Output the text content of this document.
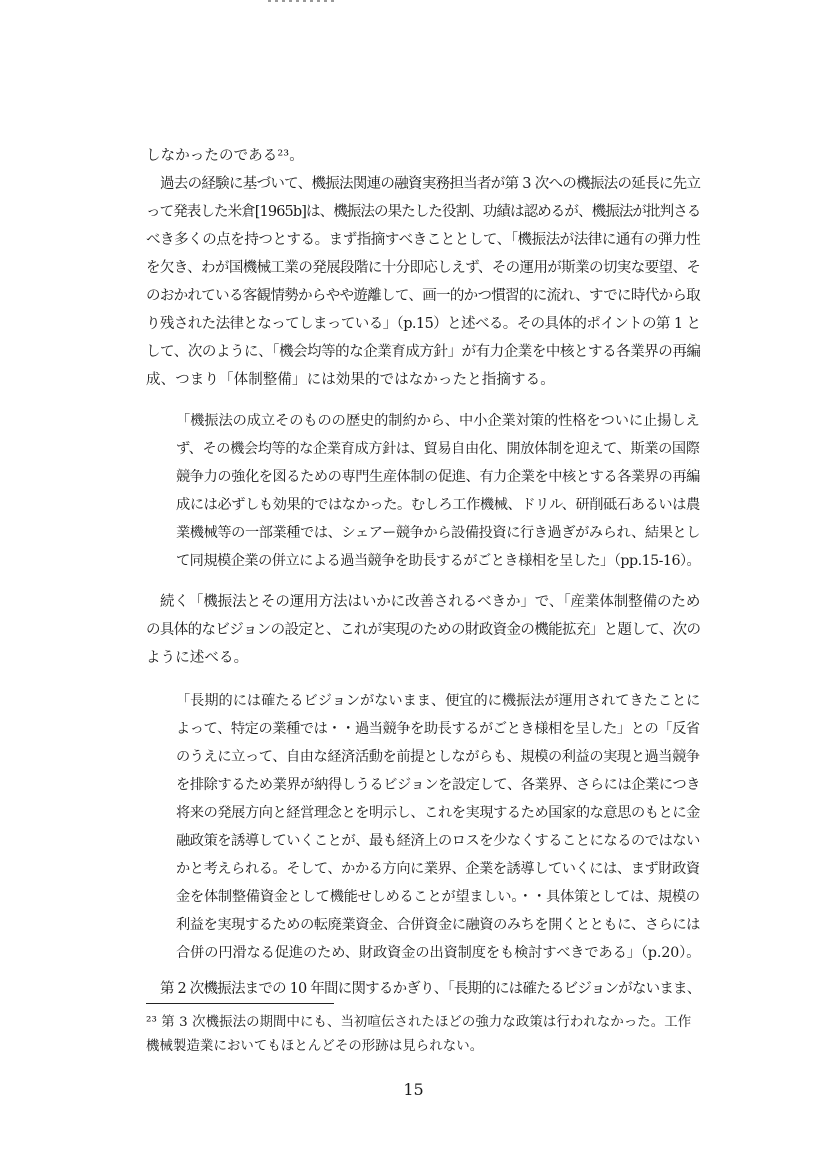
しなかったのである²³。
過去の経験に基づいて、機振法関連の融資実務担当者が第 3 次への機振法の延長に先立
って発表した米倉[1965b]は、機振法の果たした役割、功績は認めるが、機振法が批判さる
べき多くの点を持つとする。まず指摘すべきこととして、「機振法が法律に通有の弾力性
を欠き、わが国機械工業の発展段階に十分即応しえず、その運用が斯業の切実な要望、そ
のおかれている客観情勢からやや遊離して、画一的かつ慣習的に流れ、すでに時代から取
り残された法律となってしまっている」（p.15）と述べる。その具体的ポイントの第 1 と
して、次のように、「機会均等的な企業育成方針」が有力企業を中核とする各業界の再編
成、つまり「体制整備」には効果的ではなかったと指摘する。
「機振法の成立そのものの歴史的制約から、中小企業対策的性格をついに止揚しえ
ず、その機会均等的な企業育成方針は、貿易自由化、開放体制を迎えて、斯業の国際
競争力の強化を図るための専門生産体制の促進、有力企業を中核とする各業界の再編
成には必ずしも効果的ではなかった。むしろ工作機械、ドリル、研削砥石あるいは農
業機械等の一部業種では、シェアー競争から設備投資に行き過ぎがみられ、結果とし
て同規模企業の併立による過当競争を助長するがごとき様相を呈した」（pp.15-16）。
続く「機振法とその運用方法はいかに改善されるべきか」で、「産業体制整備のため
の具体的なビジョンの設定と、これが実現のための財政資金の機能拡充」と題して、次の
ように述べる。
「長期的には確たるビジョンがないまま、便宜的に機振法が運用されてきたことに
よって、特定の業種では・・過当競争を助長するがごとき様相を呈した」との「反省
のうえに立って、自由な経済活動を前提としながらも、規模の利益の実現と過当競争
を排除するため業界が納得しうるビジョンを設定して、各業界、さらには企業につき
将来の発展方向と経営理念とを明示し、これを実現するため国家的な意思のもとに金
融政策を誘導していくことが、最も経済上のロスを少なくすることになるのではない
かと考えられる。そして、かかる方向に業界、企業を誘導していくには、まず財政資
金を体制整備資金として機能せしめることが望ましい。・・具体策としては、規模の
利益を実現するための転廃業資金、合併資金に融資のみちを開くとともに、さらには
合併の円滑なる促進のため、財政資金の出資制度をも検討すべきである」（p.20）。
第 2 次機振法までの 10 年間に関するかぎり、「長期的には確たるビジョンがないまま、
²³ 第 3 次機振法の期間中にも、当初喧伝されたほどの強力な政策は行われなかった。工作
機械製造業においてもほとんどその形跡は見られない。
15
